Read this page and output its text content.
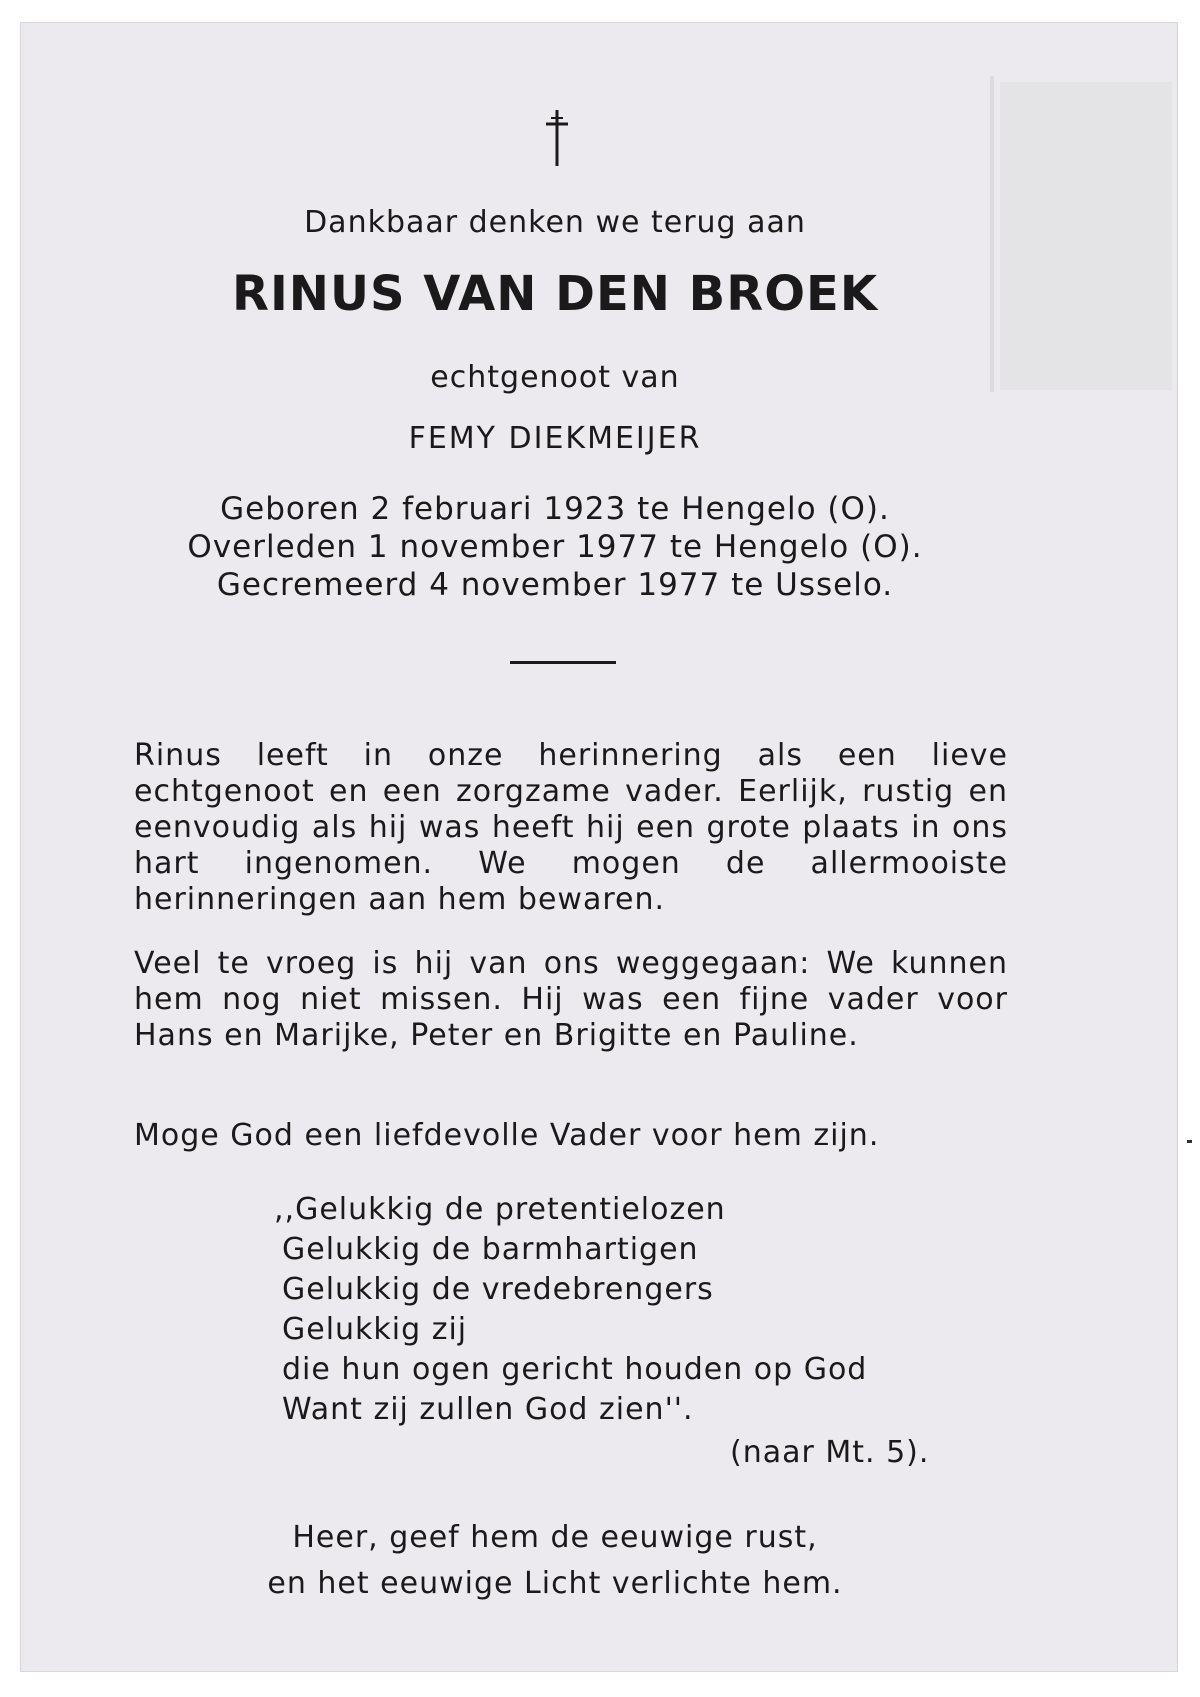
Dankbaar denken we terug aan
RINUS VAN DEN BROEK
echtgenoot van
FEMY DIEKMEIJER
Geboren 2 februari 1923 te Hengelo (O).
Overleden 1 november 1977 te Hengelo (O).
Gecremeerd 4 november 1977 te Usselo.
Rinus leeft in onze herinnering als een lieve echtgenoot en een zorgzame vader. Eerlijk, rustig en eenvoudig als hij was heeft hij een grote plaats in ons hart ingenomen. We mogen de allermooiste herinneringen aan hem bewaren.
Veel te vroeg is hij van ons weggegaan: We kunnen hem nog niet missen. Hij was een fijne vader voor Hans en Marijke, Peter en Brigitte en Pauline.
Moge God een liefdevolle Vader voor hem zijn.
,,Gelukkig de pretentielozen
Gelukkig de barmhartigen
Gelukkig de vredebrengers
Gelukkig zij
die hun ogen gericht houden op God
Want zij zullen God zien''.
(naar Mt. 5).
Heer, geef hem de eeuwige rust,
en het eeuwige Licht verlichte hem.
